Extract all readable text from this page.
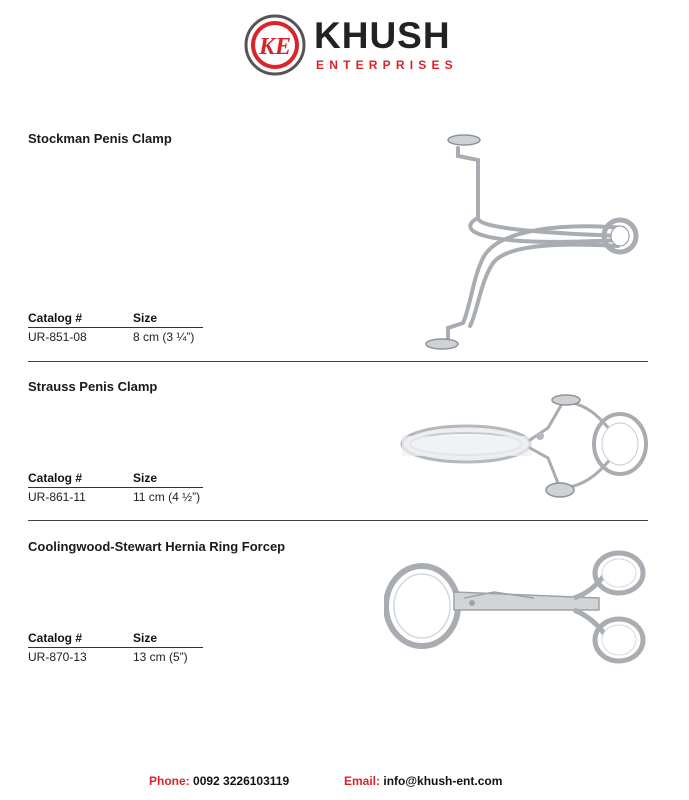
KE KHUSH
ENTERPRISES
Stockman Penis Clamp
Catalog #	Size
UR-851-08	8 cm (3 ¼”)
Strauss Penis Clamp
Catalog #	Size
UR-861-11	11 cm (4 ½”)
Coolingwood-Stewart Hernia Ring Forcep
Catalog #	Size
UR-870-13	13 cm (5”)
Phone: 0092 3226103119	Email: info@khush-ent.com
